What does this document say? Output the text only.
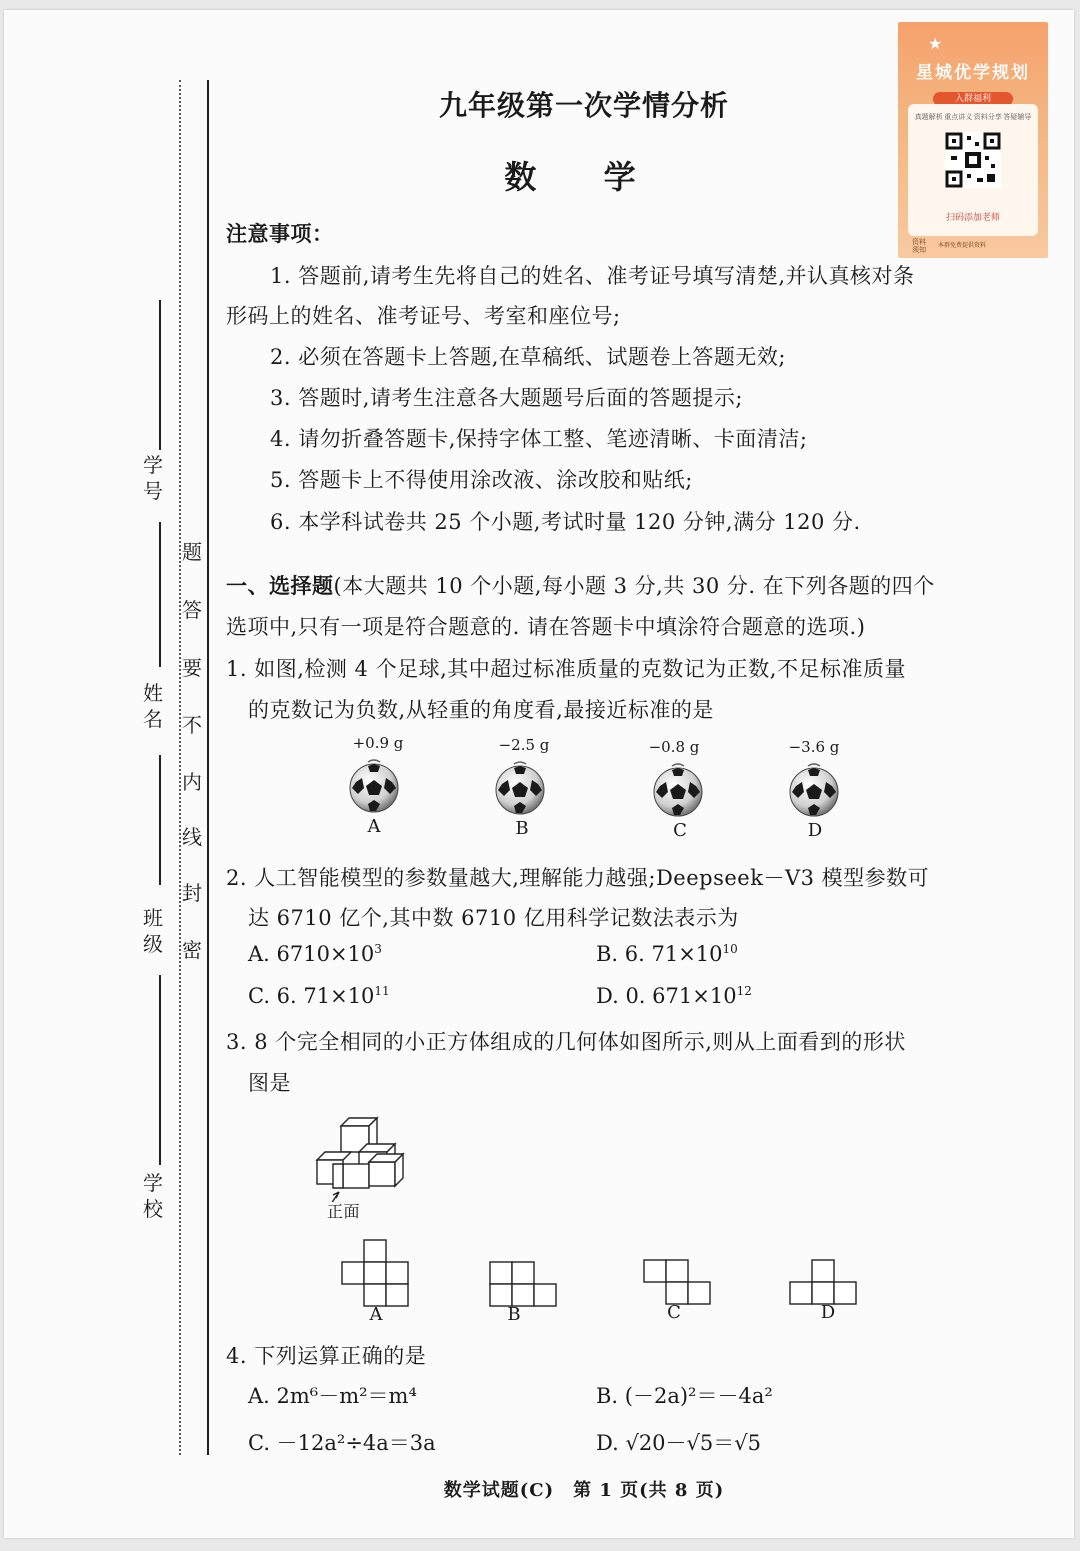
学 号
姓 名
班 级
学 校
密
封
线
内
不
要
答
题
九年级第一次学情分析
数 学
★
星城优学规划
入群福利
真题解析 重点讲义 资料分享 答疑辅导
扫码添加老师
资料
须知
本群免费提供资料
注意事项：
1. 答题前,请考生先将自己的姓名、准考证号填写清楚,并认真核对条
形码上的姓名、准考证号、考室和座位号;
2. 必须在答题卡上答题,在草稿纸、试题卷上答题无效;
3. 答题时,请考生注意各大题题号后面的答题提示;
4. 请勿折叠答题卡,保持字体工整、笔迹清晰、卡面清洁;
5. 答题卡上不得使用涂改液、涂改胶和贴纸;
6. 本学科试卷共 25 个小题,考试时量 120 分钟,满分 120 分.
一、选择题(本大题共 10 个小题,每小题 3 分,共 30 分. 在下列各题的四个
选项中,只有一项是符合题意的. 请在答题卡中填涂符合题意的选项.)
1. 如图,检测 4 个足球,其中超过标准质量的克数记为正数,不足标准质量
的克数记为负数,从轻重的角度看,最接近标准的是
+0.9 g
A
−2.5 g
B
−0.8 g
C
−3.6 g
D
2. 人工智能模型的参数量越大,理解能力越强;Deepseek－V3 模型参数可
达 6710 亿个,其中数 6710 亿用科学记数法表示为
A. $6710\times 10^3$	B. 6. $71\times 10^{10}$
C. 6. $71\times 10^{11}$	D. 0. $671\times 10^{12}$
3. 8 个完全相同的小正方体组成的几何体如图所示,则从上面看到的形状
图是
正面
A	B	C	D
4. 下列运算正确的是
A. 2m⁶－m²＝m⁴	B. (－2a)²＝－4a²
C. －12a²÷4a＝3a	D. √20－√5＝√5
数学试题(C)　第 1 页(共 8 页)
